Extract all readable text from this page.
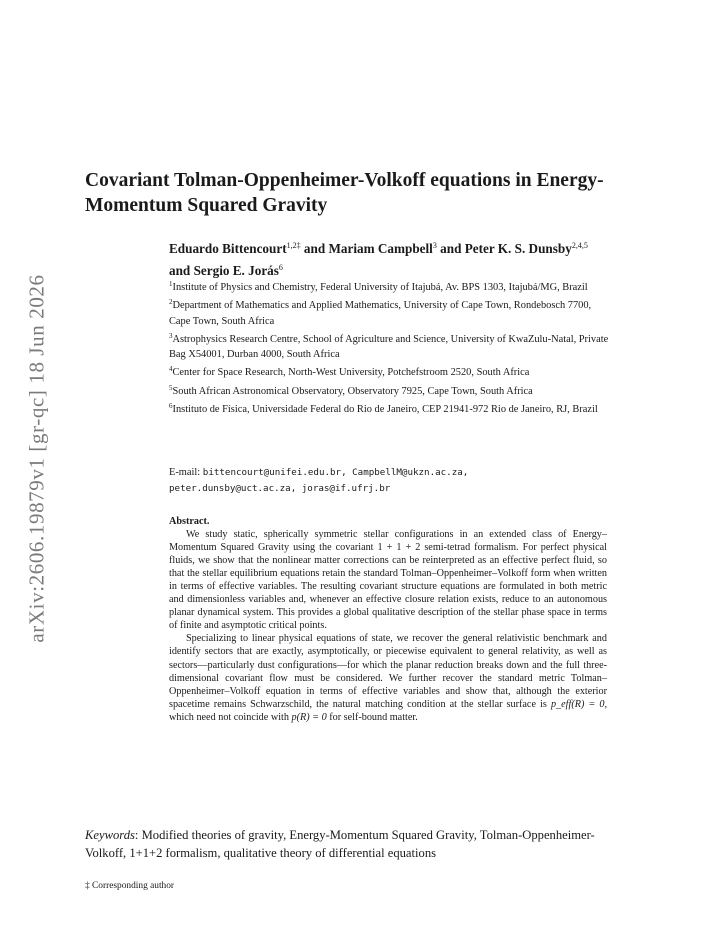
arXiv:2606.19879v1 [gr-qc] 18 Jun 2026
Covariant Tolman-Oppenheimer-Volkoff equations in Energy-Momentum Squared Gravity
Eduardo Bittencourt$^{1,2\ddagger}$ and Mariam Campbell$^3$ and Peter K. S. Dunsby$^{2,4,5}$ and Sergio E. Jorás$^6$
$^1$Institute of Physics and Chemistry, Federal University of Itajubá, Av. BPS 1303, Itajubá/MG, Brazil
$^2$Department of Mathematics and Applied Mathematics, University of Cape Town, Rondebosch 7700, Cape Town, South Africa
$^3$Astrophysics Research Centre, School of Agriculture and Science, University of KwaZulu-Natal, Private Bag X54001, Durban 4000, South Africa
$^4$Center for Space Research, North-West University, Potchefstroom 2520, South Africa
$^5$South African Astronomical Observatory, Observatory 7925, Cape Town, South Africa
$^6$Instituto de Física, Universidade Federal do Rio de Janeiro, CEP 21941-972 Rio de Janeiro, RJ, Brazil
E-mail: bittencourt@unifei.edu.br, CampbellM@ukzn.ac.za,
peter.dunsby@uct.ac.za, joras@if.ufrj.br
Abstract.

We study static, spherically symmetric stellar configurations in an extended class of Energy–Momentum Squared Gravity using the covariant 1 + 1 + 2 semi-tetrad formalism. For perfect physical fluids, we show that the nonlinear matter corrections can be reinterpreted as an effective perfect fluid, so that the stellar equilibrium equations retain the standard Tolman–Oppenheimer–Volkoff form when written in terms of effective variables. The resulting covariant structure equations are formulated in both metric and dimensionless variables and, whenever an effective closure relation exists, reduce to an autonomous planar dynamical system. This provides a global qualitative description of the stellar phase space in terms of finite and asymptotic critical points.

Specializing to linear physical equations of state, we recover the general relativistic benchmark and identify sectors that are exactly, asymptotically, or piecewise equivalent to general relativity, as well as sectors—particularly dust configurations—for which the planar reduction breaks down and the full three-dimensional covariant flow must be considered. We further recover the standard metric Tolman–Oppenheimer–Volkoff equation in terms of effective variables and show that, although the exterior spacetime remains Schwarzschild, the natural matching condition at the stellar surface is p_eff(R) = 0, which need not coincide with p(R) = 0 for self-bound matter.

Keywords: Modified theories of gravity, Energy-Momentum Squared Gravity, Tolman-Oppenheimer-Volkoff, 1+1+2 formalism, qualitative theory of differential equations
‡ Corresponding author
